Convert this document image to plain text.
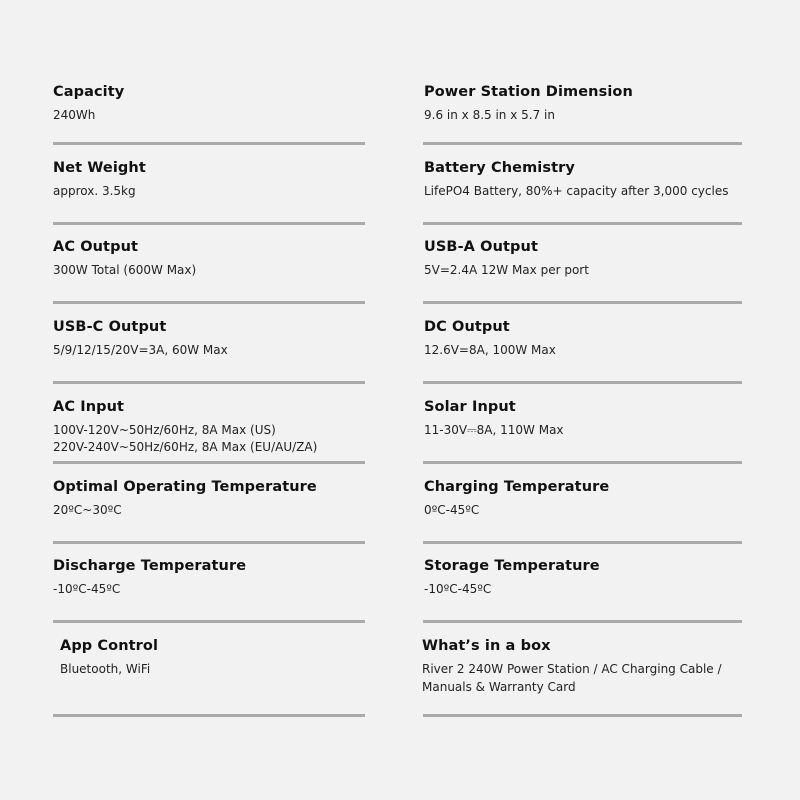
Capacity
240Wh
Power Station Dimension
9.6 in x 8.5 in x 5.7 in
Net Weight
approx. 3.5kg
Battery Chemistry
LifePO4 Battery, 80%+ capacity after 3,000 cycles
AC Output
300W Total (600W Max)
USB-A Output
5V=2.4A 12W Max per port
USB-C Output
5/9/12/15/20V=3A, 60W Max
DC Output
12.6V=8A, 100W Max
AC Input
100V-120V~50Hz/60Hz, 8A Max (US)
220V-240V~50Hz/60Hz, 8A Max (EU/AU/ZA)
Solar Input
11-30V⎓8A, 110W Max
Optimal Operating Temperature
20ºC~30ºC
Charging Temperature
0ºC-45ºC
Discharge Temperature
-10ºC-45ºC
Storage Temperature
-10ºC-45ºC
App Control
Bluetooth, WiFi
What’s in a box
River 2 240W Power Station / AC Charging Cable /
Manuals & Warranty Card
